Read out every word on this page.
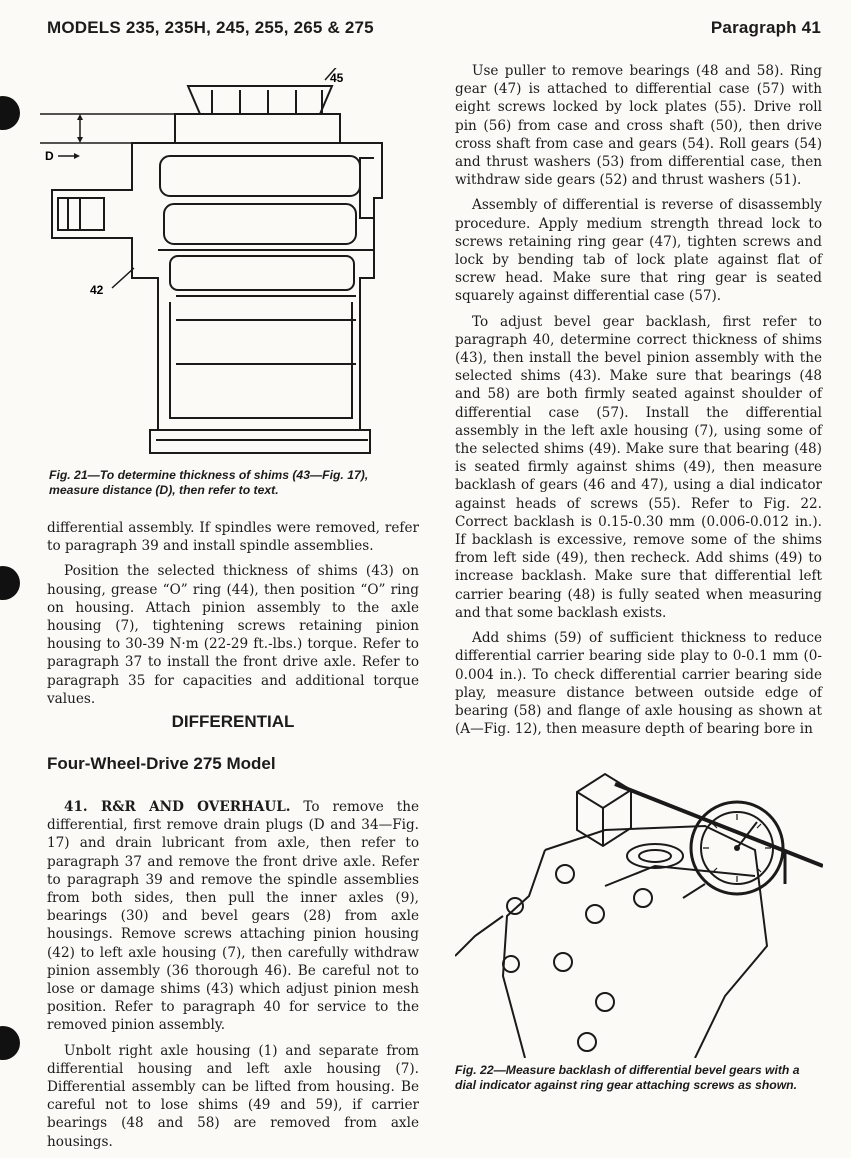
MODELS 235, 235H, 245, 255, 265 & 275	Paragraph 41
45
D
42
Fig. 21—To determine thickness of shims (43—Fig. 17), measure distance (D), then refer to text.

differential assembly. If spindles were removed, refer to paragraph 39 and install spindle assemblies.

Position the selected thickness of shims (43) on housing, grease “O” ring (44), then position “O” ring on housing. Attach pinion assembly to the axle housing (7), tightening screws retaining pinion housing to 30-39 N·m (22-29 ft.-lbs.) torque. Refer to paragraph 37 to install the front drive axle. Refer to paragraph 35 for capacities and additional torque values.

DIFFERENTIAL
Four-Wheel-Drive 275 Model

41. R&R AND OVERHAUL. To remove the differential, first remove drain plugs (D and 34—Fig. 17) and drain lubricant from axle, then refer to paragraph 37 and remove the front drive axle. Refer to paragraph 39 and remove the spindle assemblies from both sides, then pull the inner axles (9), bearings (30) and bevel gears (28) from axle housings. Remove screws attaching pinion housing (42) to left axle housing (7), then carefully withdraw pinion assembly (36 thorough 46). Be careful not to lose or damage shims (43) which adjust pinion mesh position. Refer to paragraph 40 for service to the removed pinion assembly.

Unbolt right axle housing (1) and separate from differential housing and left axle housing (7). Differential assembly can be lifted from housing. Be careful not to lose shims (49 and 59), if carrier bearings (48 and 58) are removed from axle housings.

Use puller to remove bearings (48 and 58). Ring gear (47) is attached to differential case (57) with eight screws locked by lock plates (55). Drive roll pin (56) from case and cross shaft (50), then drive cross shaft from case and gears (54). Roll gears (54) and thrust washers (53) from differential case, then withdraw side gears (52) and thrust washers (51).

Assembly of differential is reverse of disassembly procedure. Apply medium strength thread lock to screws retaining ring gear (47), tighten screws and lock by bending tab of lock plate against flat of screw head. Make sure that ring gear is seated squarely against differential case (57).

To adjust bevel gear backlash, first refer to paragraph 40, determine correct thickness of shims (43), then install the bevel pinion assembly with the selected shims (43). Make sure that bearings (48 and 58) are both firmly seated against shoulder of differential case (57). Install the differential assembly in the left axle housing (7), using some of the selected shims (49). Make sure that bearing (48) is seated firmly against shims (49), then measure backlash of gears (46 and 47), using a dial indicator against heads of screws (55). Refer to Fig. 22. Correct backlash is 0.15-0.30 mm (0.006-0.012 in.). If backlash is excessive, remove some of the shims from left side (49), then recheck. Add shims (49) to increase backlash. Make sure that differential left carrier bearing (48) is fully seated when measuring and that some backlash exists.

Add shims (59) of sufficient thickness to reduce differential carrier bearing side play to 0-0.1 mm (0-0.004 in.). To check differential carrier bearing side play, measure distance between outside edge of bearing (58) and flange of axle housing as shown at (A—Fig. 12), then measure depth of bearing bore in

Fig. 22—Measure backlash of differential bevel gears with a dial indicator against ring gear attaching screws as shown.
